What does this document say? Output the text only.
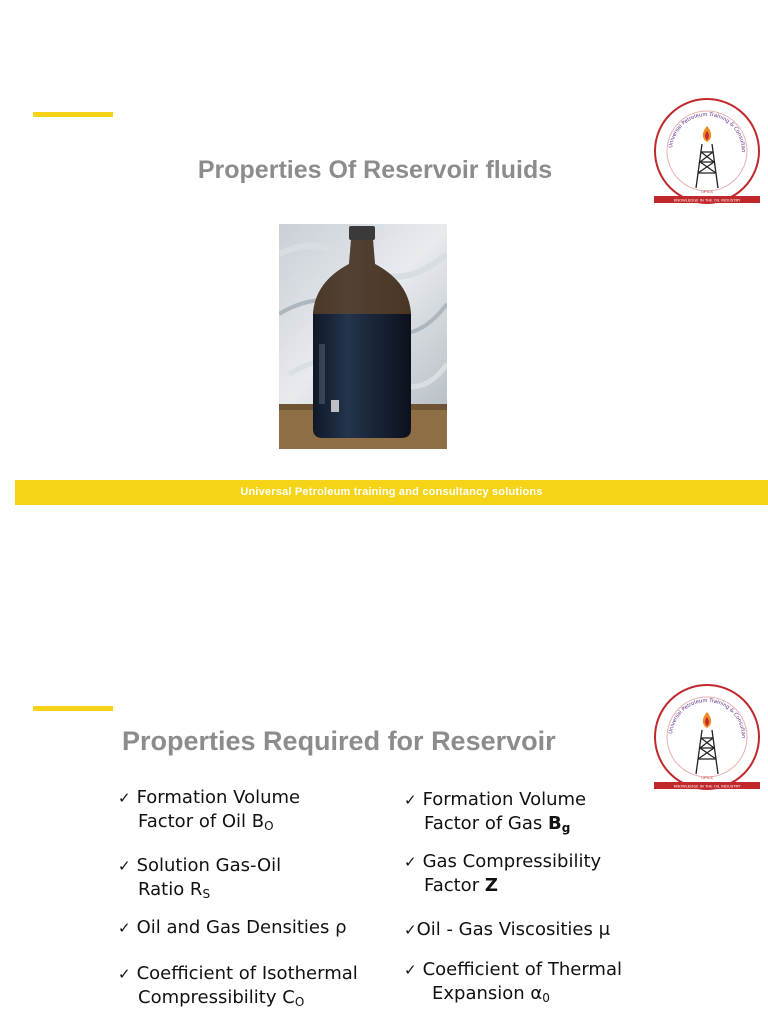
Universal Petroleum Training & Consultan
UPTCS
KNOWLEDGE IN THE OIL INDUSTRY
Properties Of Reservoir fluids
Universal Petroleum training and consultancy solutions
Universal Petroleum Training & Consultan
UPTCS
KNOWLEDGE IN THE OIL INDUSTRY
Properties Required for Reservoir
✓ Formation Volume
Factor of Oil $B_O$
✓ Solution Gas-Oil
Ratio $R_S$
✓ Oil and Gas Densities ρ
✓ Coefficient of Isothermal
Compressibility $C_O$
✓ Formation Volume
Factor of Gas $B_g$
✓ Gas Compressibility
Factor Z
✓Oil - Gas Viscosities μ
✓ Coefficient of Thermal
Expansion $\alpha_0$
